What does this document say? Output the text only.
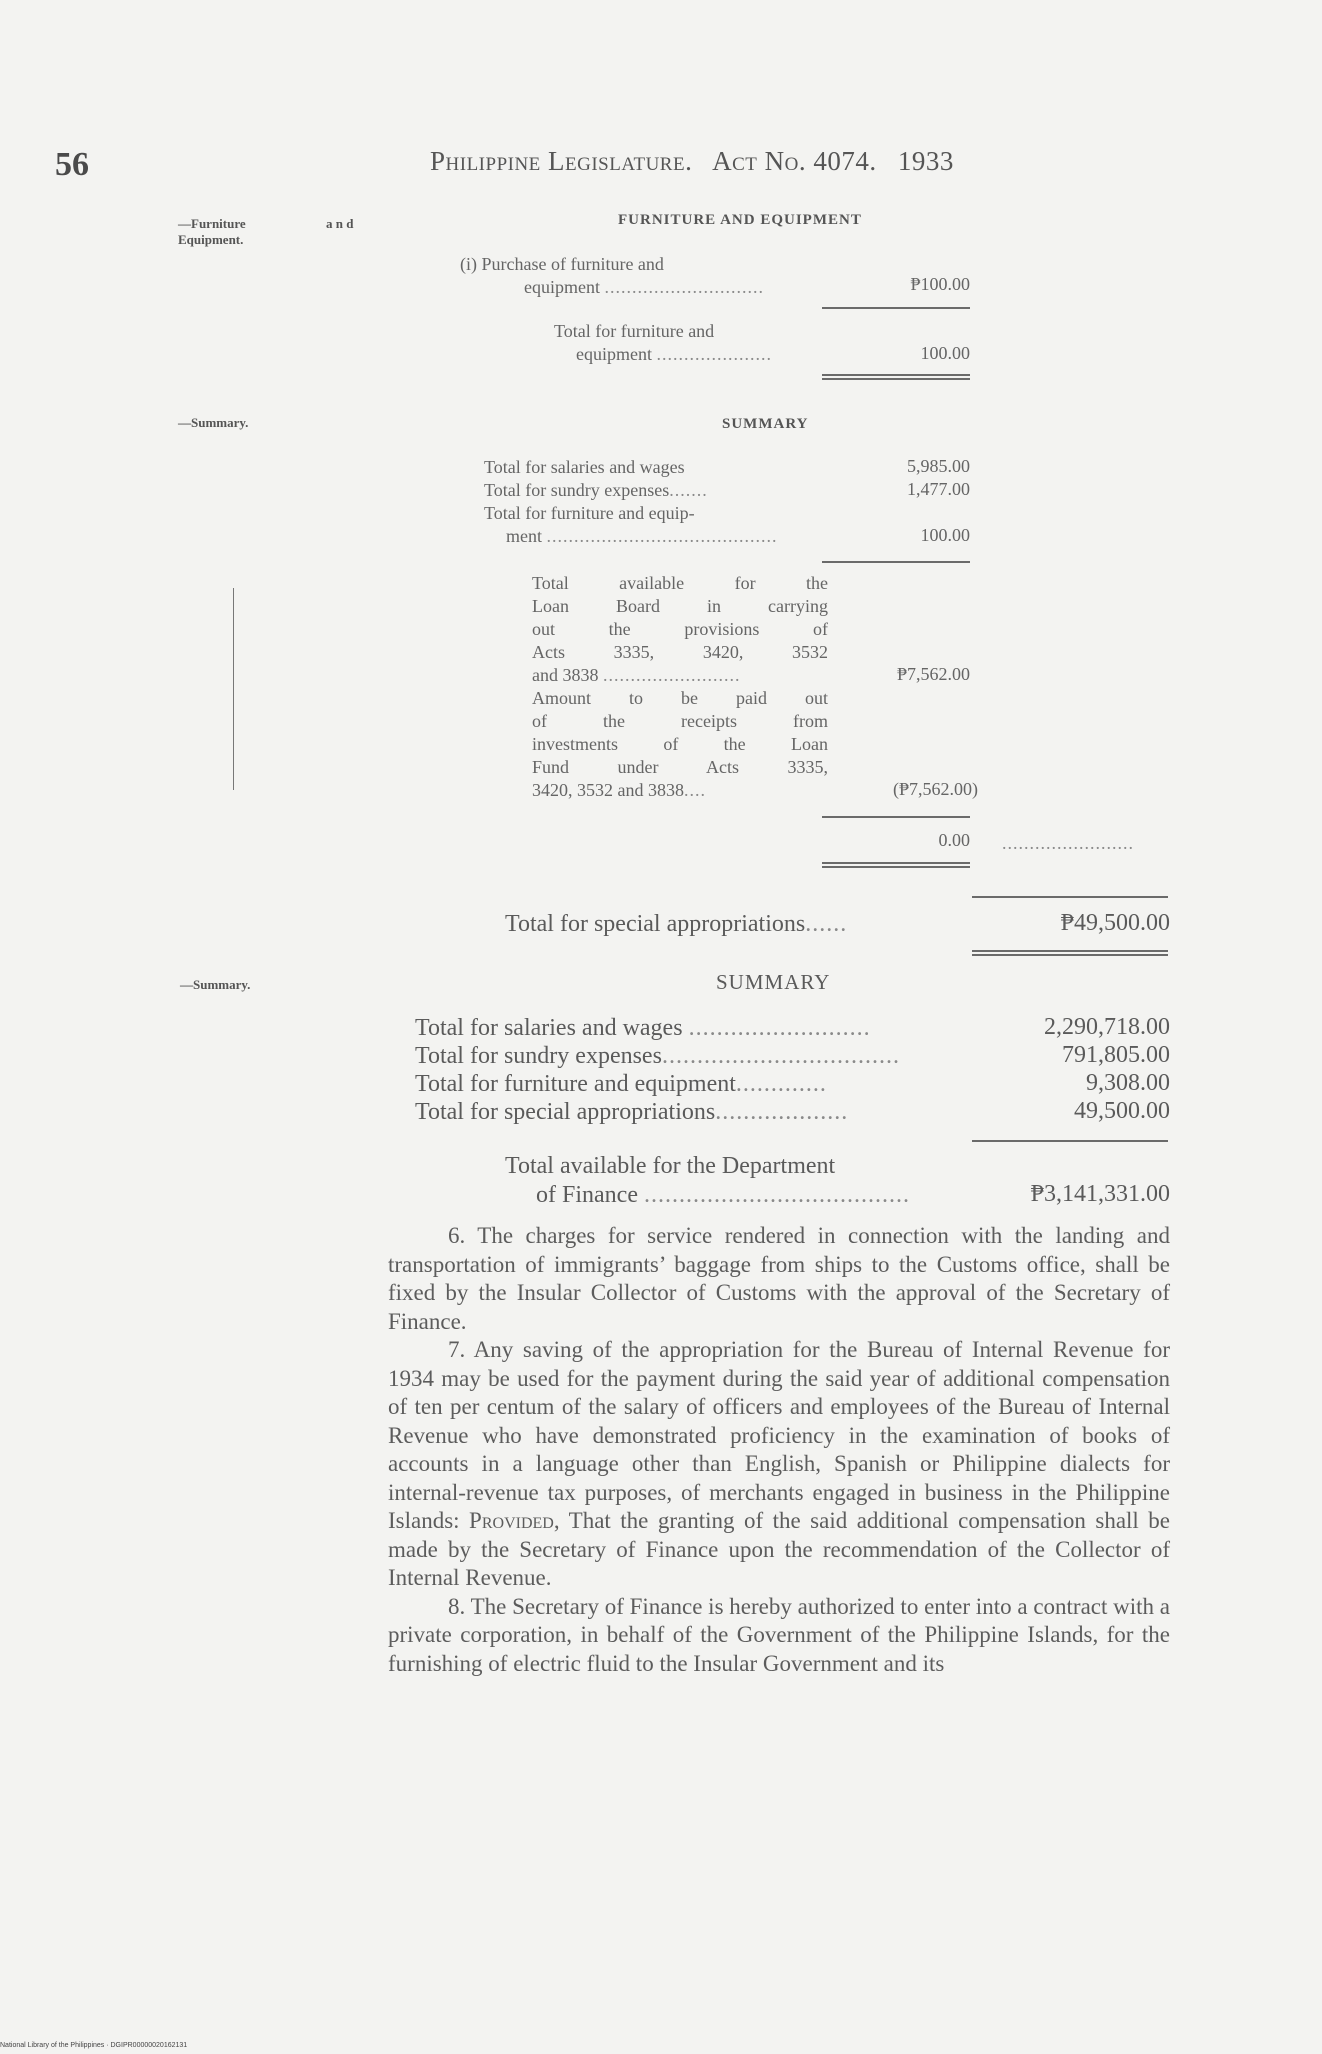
56	Philippine Legislature. Act No. 4074. 1933
—Furniture	a n d
Equipment.
—Summary.
—Summary.
FURNITURE AND EQUIPMENT
(i) Purchase of furniture and
equipment .............................	₱100.00
Total for furniture and
equipment .....................	100.00
SUMMARY
Total for salaries and wages	5,985.00
Total for sundry expenses.......	1,477.00
Total for furniture and equip-
ment ..........................................	100.00
Total available for the
Loan Board in carrying
out the provisions of
Acts 3335, 3420, 3532
and 3838 .........................	₱7,562.00
Amount to be paid out
of the receipts from
investments of the Loan
Fund under Acts 3335,
3420, 3532 and 3838....	(₱7,562.00)
0.00 ........................
Total for special appropriations......	₱49,500.00
SUMMARY
Total for salaries and wages ..........................	2,290,718.00
Total for sundry expenses..................................	791,805.00
Total for furniture and equipment.............	9,308.00
Total for special appropriations...................	49,500.00
Total available for the Department
of Finance ......................................	₱3,141,331.00

6. The charges for service rendered in connection with the landing and transportation of immigrants’ baggage from ships to the Customs office, shall be fixed by the Insular Collector of Customs with the approval of the Secretary of Finance.

7. Any saving of the appropriation for the Bureau of Internal Revenue for 1934 may be used for the payment during the said year of additional compensation of ten per centum of the salary of officers and employees of the Bureau of Internal Revenue who have demonstrated proficiency in the examination of books of accounts in a language other than English, Spanish or Philippine dialects for internal-revenue tax purposes, of merchants engaged in business in the Philippine Islands: Provided, That the granting of the said additional compensation shall be made by the Secretary of Finance upon the recommendation of the Collector of Internal Revenue.

8. The Secretary of Finance is hereby authorized to enter into a contract with a private corporation, in behalf of the Government of the Philippine Islands, for the furnishing of electric fluid to the Insular Government and its

National Library of the Philippines · DGIPR00000020162131
